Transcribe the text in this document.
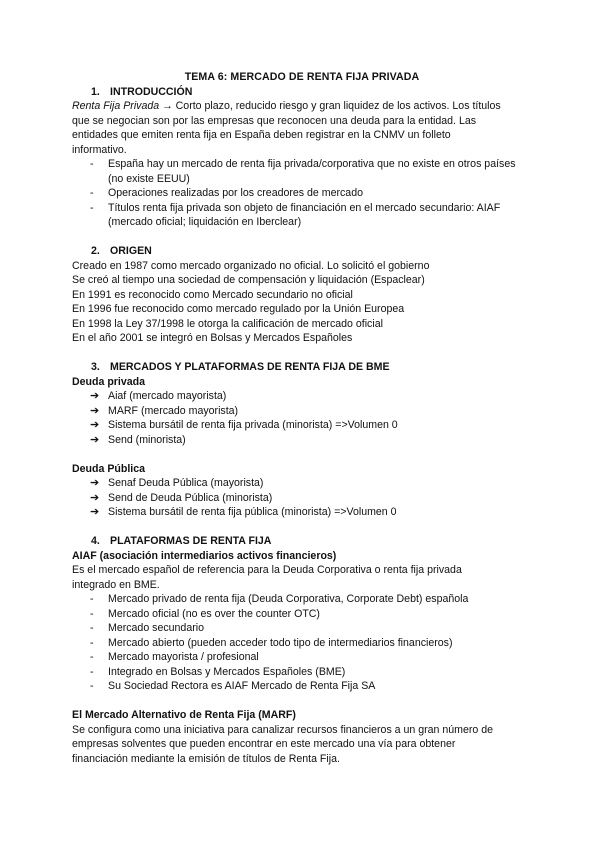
TEMA 6: MERCADO DE RENTA FIJA PRIVADA
1. INTRODUCCIÓN
Renta Fija Privada → Corto plazo, reducido riesgo y gran liquidez de los activos. Los títulos
que se negocian son por las empresas que reconocen una deuda para la entidad. Las
entidades que emiten renta fija en España deben registrar en la CNMV un folleto
informativo.
-	España hay un mercado de renta fija privada/corporativa que no existe en otros países (no existe EEUU)
-	Operaciones realizadas por los creadores de mercado
-	Títulos renta fija privada son objeto de financiación en el mercado secundario: AIAF (mercado oficial; liquidación en Iberclear)
2. ORIGEN
Creado en 1987 como mercado organizado no oficial. Lo solicitó el gobierno
Se creó al tiempo una sociedad de compensación y liquidación (Espaclear)
En 1991 es reconocido como Mercado secundario no oficial
En 1996 fue reconocido como mercado regulado por la Unión Europea
En 1998 la Ley 37/1998 le otorga la calificación de mercado oficial
En el año 2001 se integró en Bolsas y Mercados Españoles
3. MERCADOS Y PLATAFORMAS DE RENTA FIJA DE BME
Deuda privada
➔ Aiaf (mercado mayorista)
➔ MARF (mercado mayorista)
➔ Sistema bursátil de renta fija privada (minorista) =>Volumen 0
➔ Send (minorista)
Deuda Pública
➔ Senaf Deuda Pública (mayorista)
➔ Send de Deuda Pública (minorista)
➔ Sistema bursátil de renta fija pública (minorista) =>Volumen 0
4. PLATAFORMAS DE RENTA FIJA
AIAF (asociación intermediarios activos financieros)
Es el mercado español de referencia para la Deuda Corporativa o renta fija privada
integrado en BME.
-	Mercado privado de renta fija (Deuda Corporativa, Corporate Debt) española
-	Mercado oficial (no es over the counter OTC)
-	Mercado secundario
-	Mercado abierto (pueden acceder todo tipo de intermediarios financieros)
-	Mercado mayorista / profesional
-	Integrado en Bolsas y Mercados Españoles (BME)
-	Su Sociedad Rectora es AIAF Mercado de Renta Fija SA
El Mercado Alternativo de Renta Fija (MARF)
Se configura como una iniciativa para canalizar recursos financieros a un gran número de
empresas solventes que pueden encontrar en este mercado una vía para obtener
financiación mediante la emisión de títulos de Renta Fija.
